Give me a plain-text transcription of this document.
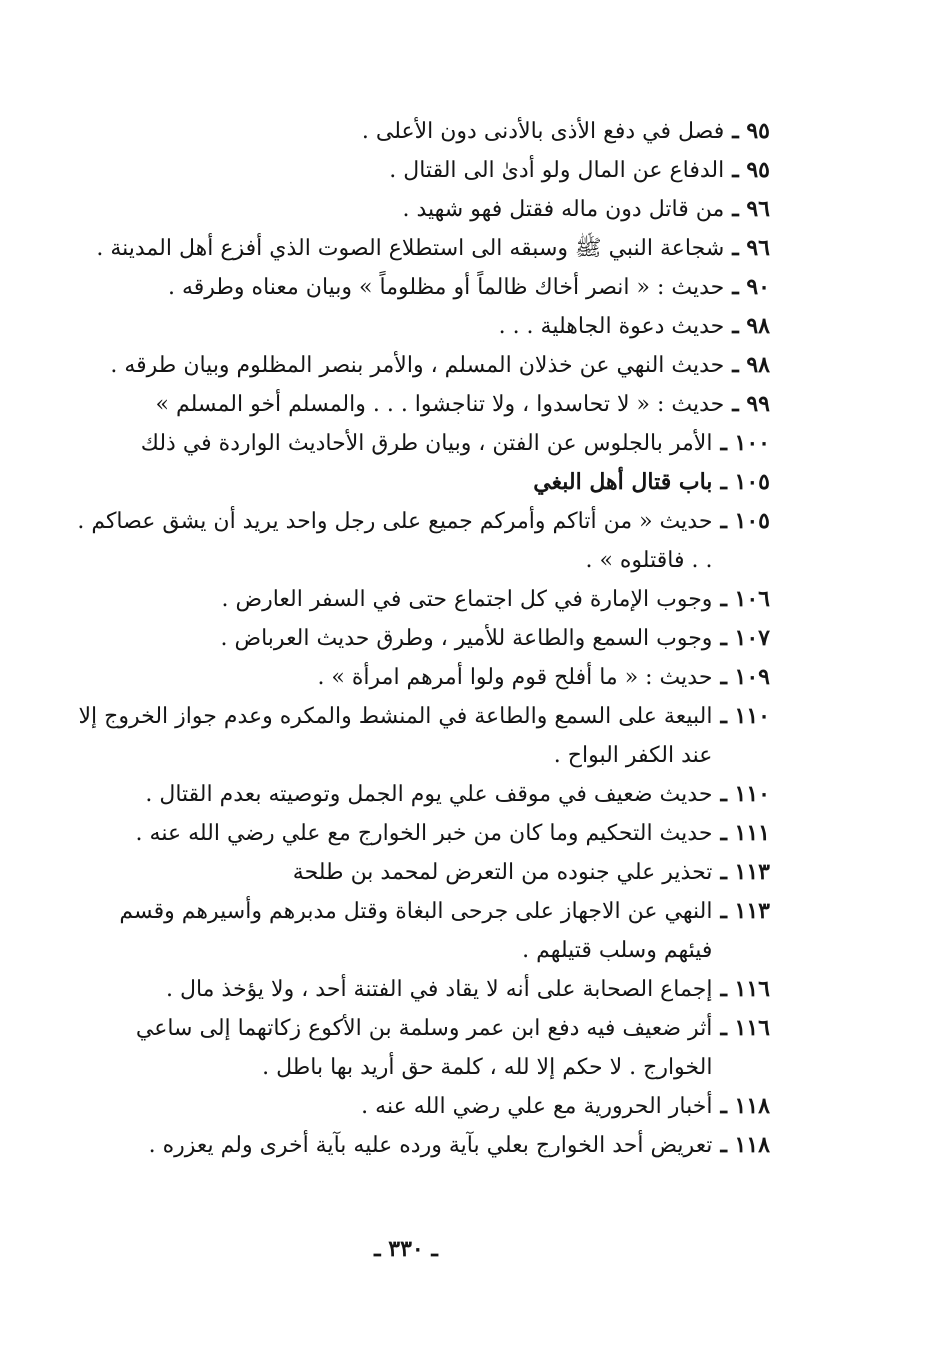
٩٥ ـ
فصل في دفع الأذى بالأدنى دون الأعلى .
٩٥ ـ
الدفاع عن المال ولو أدىٰ الى القتال .
٩٦ ـ
من قاتل دون ماله فقتل فهو شهيد .
٩٦ ـ
شجاعة النبي ﷺ وسبقه الى استطلاع الصوت الذي أفزع أهل المدينة .
٩٠ ـ
حديث : « انصر أخاك ظالماً أو مظلوماً » وبيان معناه وطرقه .
٩٨ ـ
حديث دعوة الجاهلية . . .
٩٨ ـ
حديث النهي عن خذلان المسلم ، والأمر بنصر المظلوم وبيان طرقه .
٩٩ ـ
حديث : « لا تحاسدوا ، ولا تناجشوا . . . والمسلم أخو المسلم »
١٠٠ ـ
الأمر بالجلوس عن الفتن ، وبيان طرق الأحاديث الواردة في ذلك
١٠٥ ـ
باب قتال أهل البغي
١٠٥ ـ
حديث « من أتاكم وأمركم جميع على رجل واحد يريد أن يشق عصاكم . . . فاقتلوه » .
١٠٦ ـ
وجوب الإمارة في كل اجتماع حتى في السفر العارض .
١٠٧ ـ
وجوب السمع والطاعة للأمير ، وطرق حديث العرباض .
١٠٩ ـ
حديث : « ما أفلح قوم ولوا أمرهم امرأة » .
١١٠ ـ
البيعة على السمع والطاعة في المنشط والمكره وعدم جواز الخروج إلا عند الكفر البواح .
١١٠ ـ
حديث ضعيف في موقف علي يوم الجمل وتوصيته بعدم القتال .
١١١ ـ
حديث التحكيم وما كان من خبر الخوارج مع علي رضي الله عنه .
١١٣ ـ
تحذير علي جنوده من التعرض لمحمد بن طلحة
١١٣ ـ
النهي عن الاجهاز على جرحى البغاة وقتل مدبرهم وأسيرهم وقسم فيئهم وسلب قتيلهم .
١١٦ ـ
إجماع الصحابة على أنه لا يقاد في الفتنة أحد ، ولا يؤخذ مال .
١١٦ ـ
أثر ضعيف فيه دفع ابن عمر وسلمة بن الأكوع زكاتهما إلى ساعي الخوارج . لا حكم إلا لله ، كلمة حق أريد بها باطل .
١١٨ ـ
أخبار الحرورية مع علي رضي الله عنه .
١١٨ ـ
تعريض أحد الخوارج بعلي بآية ورده عليه بآية أخرى ولم يعزره .
ـ ٣٣٠ ـ
